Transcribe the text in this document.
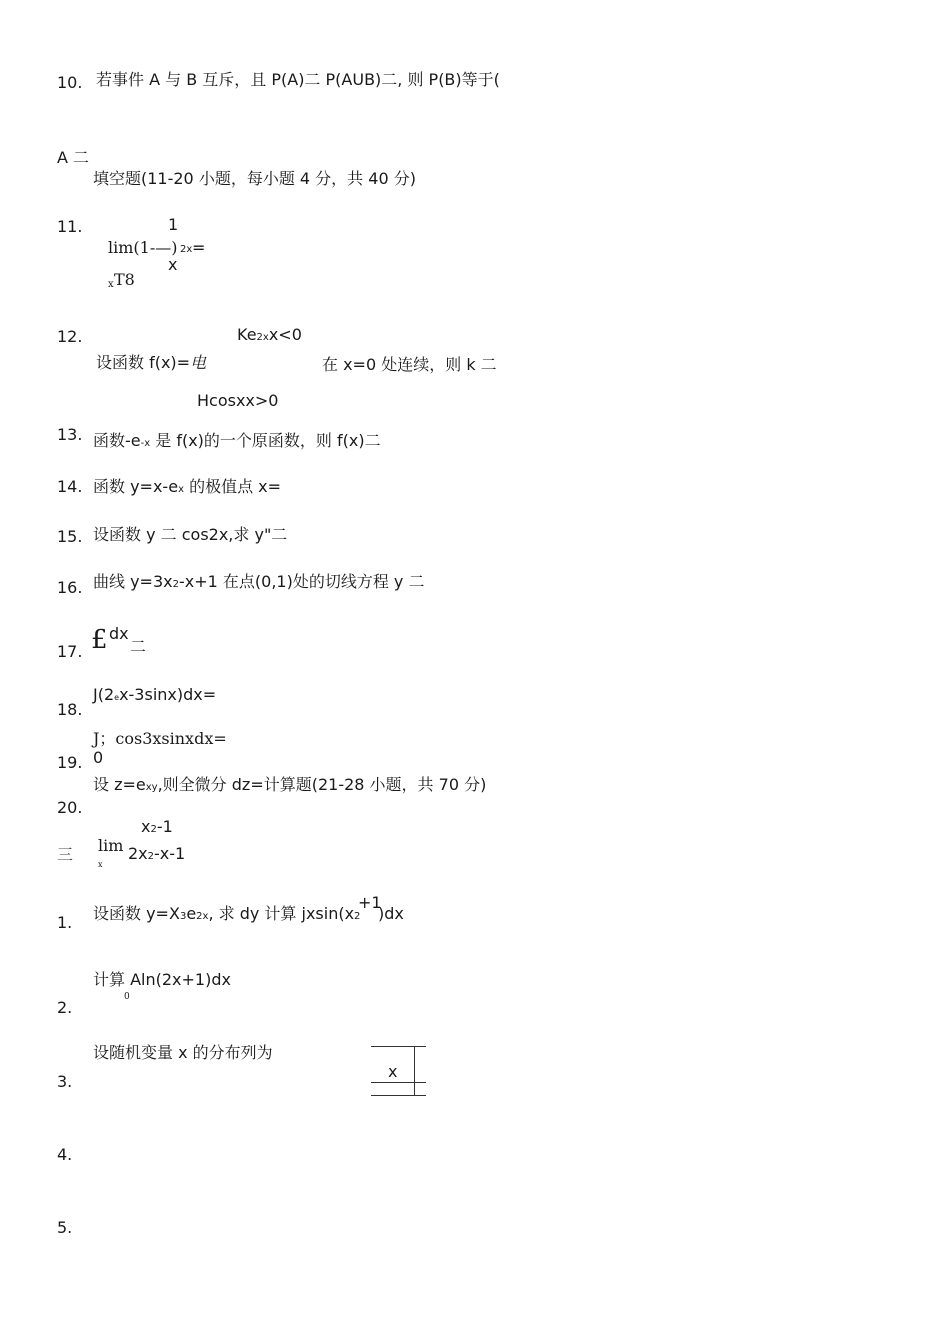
10. 若事件 A 与 B 互斥，且 P(A)二 P(AUB)二, 则 P(B)等于(
A 二
填空题(11-20 小题，每小题 4 分，共 40 分)
11.	1
lim(1-—) 2x =
x
x T8
12.	Ke2xx<0
设函数 f(x)=电	在 x=0 处连续，则 k 二
Hcosxx>0
13. 函数-e-x 是 f(x)的一个原函数，则 f(x)二
14. 函数 y=x-ex 的极值点 x=
15. 设函数 y 二 cos2x,求 y"二
16. 曲线 y=3x2-x+1 在点(0,1)处的切线方程 y 二
17. £ dx
二
18.
J(2ex-3sinx)dx=
19.
J；cos3xsinxdx=
0
20.
设 z=exy,则全微分 dz=计算题(21-28 小题，共 70 分)
三 lim
x
x2-1
2x2-x-1
1. 设函数 y=X3e2x, 求 dy 计算 jxsin(x2
+1
)dx
2.
计算 Aln(2x+1)dx
0
3.
设随机变量 x 的分布列为
x
4.
5.
